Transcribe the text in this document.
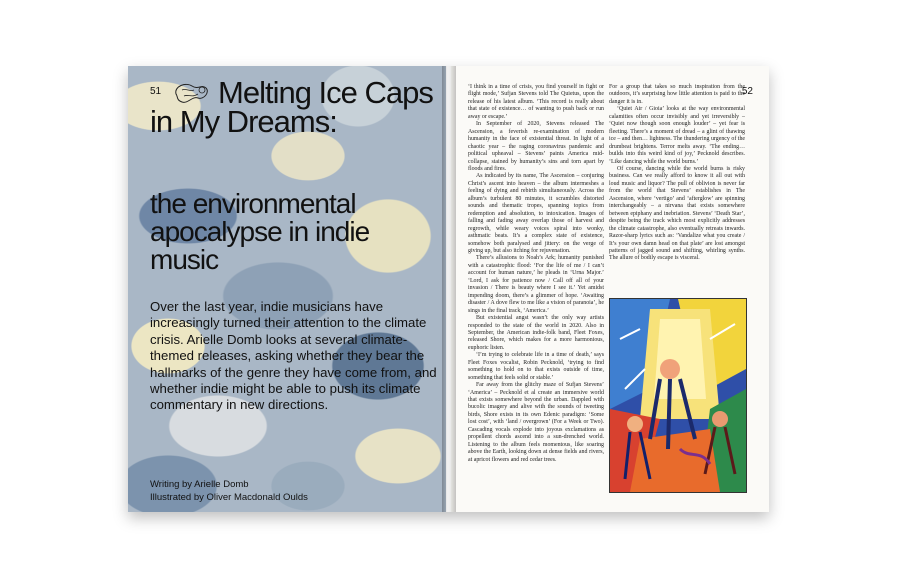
51	Melting Ice Caps in My Dreams:
the environmental apocalypse in indie music

Over the last year, indie musicians have increasingly turned their attention to the climate crisis. Arielle Domb looks at several climate-themed releases, asking whether they bear the hallmarks of the genre they have come from, and whether indie might be able to push its climate commentary in new directions.

Writing by Arielle Domb
Illustrated by Oliver Macdonald Oulds
52

‘I think in a time of crisis, you find yourself in fight or flight mode,’ Sufjan Stevens told The Quietus, upon the release of his latest album. ‘This record is really about that state of existence… of wanting to push back or run away or escape.’

In September of 2020, Stevens released The Ascension, a feverish re-examination of modern humanity in the face of existential threat. In light of a chaotic year – the raging coronavirus pandemic and political upheaval – Stevens’ paints America mid-collapse, stained by humanity’s sins and torn apart by floods and fires.

As indicated by its name, The Ascension – conjuring Christ’s ascent into heaven – the album intermeshes a feeling of dying and rebirth simultaneously. Across the album’s turbulent 80 minutes, it scrambles distorted sounds and thematic tropes, spanning topics from redemption and absolution, to intoxication. Images of falling and fading away overlap those of harvest and regrowth, while weary voices spiral into wonky, asthmatic beats. It’s a complex state of existence, somehow both paralysed and jittery: on the verge of giving up, but also itching for rejuvenation.

There’s allusions to Noah’s Ark; humanity punished with a catastrophic flood: ‘For the life of me / I can’t account for human nature,’ he pleads in ‘Urna Major.’ ‘Lord, I ask for patience now / Call off all of your invasion / There is beauty where I see it.’ Yet amidst impending doom, there’s a glimmer of hope. ‘Awaiting disaster / A dove flew to me like a vision of paranoia’, he sings in the final track, ‘America.’

But existential angst wasn’t the only way artists responded to the state of the world in 2020. Also in September, the American indie-folk band, Fleet Foxes, released Shore, which makes for a more harmonious, euphoric listen.

‘I’m trying to celebrate life in a time of death,’ says Fleet Foxes vocalist, Robin Pecknold, ‘trying to find something to hold on to that exists outside of time, something that feels solid or stable.’

Far away from the glitchy maze of Sufjan Stevens’ ‘America’ – Pecknold et al create an immersive world that exists somewhere beyond the urban. Dappled with bucolic imagery and alive with the sounds of tweeting birds, Shore exists in its own Edenic paradigm: ‘Some lost cost’, with ‘land / overgrown’ (For a Week or Two). Cascading vocals explode into joyous exclamations as propellent chords ascend into a sun-drenched world. Listening to the album feels momentous, like soaring above the Earth, looking down at dense fields and rivers, at apricot flowers and red cedar trees.

For a group that takes so much inspiration from the outdoors, it’s surprising how little attention is paid to the danger it is in.

‘Quiet Air / Gioia’ looks at the way environmental calamities often occur invisibly and yet irreversibly – ‘Quiet now though soon enough louder’ – yet fear is fleeting. There’s a moment of dread – a glint of thawing ice – and then… lightness. The thundering urgency of the drumbeat brightens. Terror melts away. ‘The ending… builds into this weird kind of joy,’ Pecknold describes. ‘Like dancing while the world burns.’

Of course, dancing while the world burns is risky business. Can we really afford to know it all out with loud music and liquor? The pull of oblivion is never far from the world that Stevens’ establishes in The Ascension, where ‘vertigo’ and ‘afterglow’ are spinning interchangeably – a nirvana that exists somewhere between epiphany and inebriation. Stevens’ ‘Death Star’, despite being the track which most explicitly addresses the climate catastrophe, also eventually retreats inwards. Razor-sharp lyrics such as: ‘Vandalize what you create / It’s your own damn head on that plate’ are lost amongst patterns of jagged sound and shifting, whirling synths. The allure of bodily escape is visceral.
